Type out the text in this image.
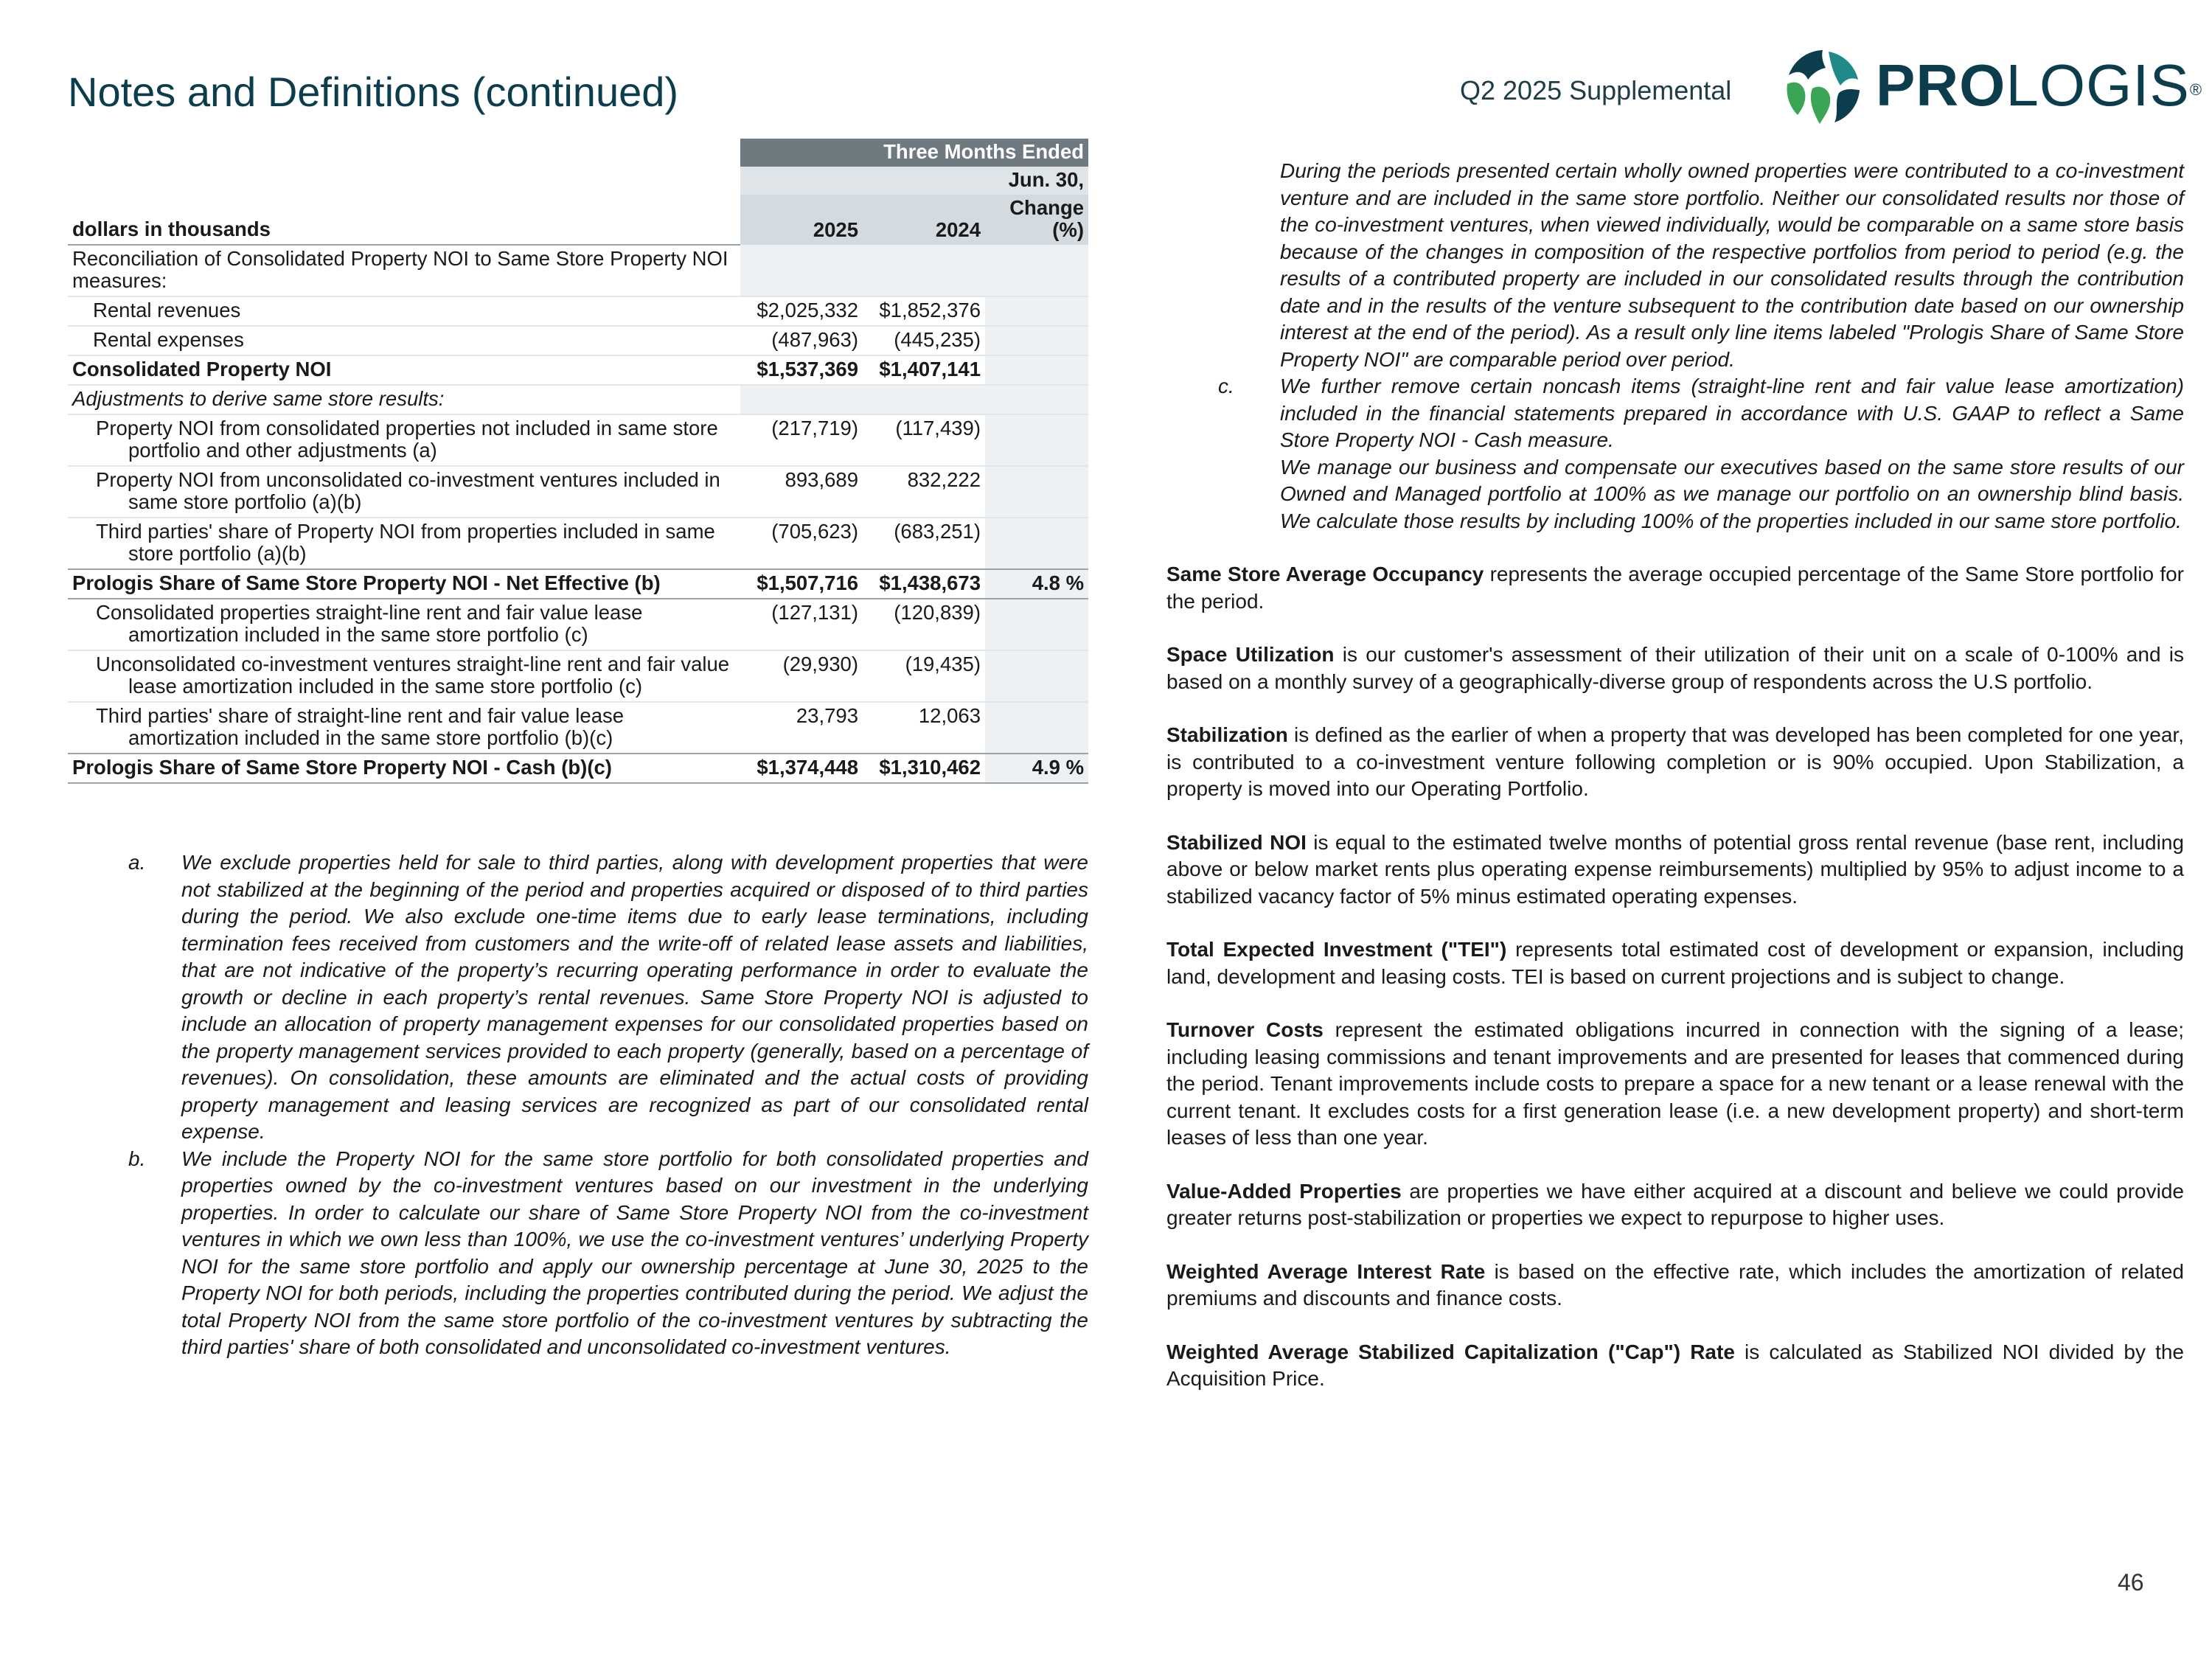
Notes and Definitions (continued)	Q2 2025 Supplemental PROLOGIS®
	Three Months Ended		
	Jun. 30,		
dollars in thousands	2025	2024	Change (%)
Reconciliation of Consolidated Property NOI to Same Store Property NOI measures:			
Rental revenues	$2,025,332	$1,852,376	
Rental expenses	(487,963)	(445,235)	
Consolidated Property NOI	$1,537,369	$1,407,141	
Adjustments to derive same store results:			
Property NOI from consolidated properties not included in same store portfolio and other adjustments (a)	(217,719)	(117,439)	
Property NOI from unconsolidated co-investment ventures included in same store portfolio (a)(b)	893,689	832,222	
Third parties' share of Property NOI from properties included in same store portfolio (a)(b)	(705,623)	(683,251)	
Prologis Share of Same Store Property NOI - Net Effective (b)	$1,507,716	$1,438,673	4.8 %
Consolidated properties straight-line rent and fair value lease amortization included in the same store portfolio (c)	(127,131)	(120,839)	
Unconsolidated co-investment ventures straight-line rent and fair value lease amortization included in the same store portfolio (c)	(29,930)	(19,435)	
Third parties' share of straight-line rent and fair value lease amortization included in the same store portfolio (b)(c)	23,793	12,063	
Prologis Share of Same Store Property NOI - Cash (b)(c)	$1,374,448	$1,310,462	4.9 %
a.	We exclude properties held for sale to third parties, along with development properties that were not stabilized at the beginning of the period and properties acquired or disposed of to third parties during the period. We also exclude one-time items due to early lease terminations, including termination fees received from customers and the write-off of related lease assets and liabilities, that are not indicative of the property’s recurring operating performance in order to evaluate the growth or decline in each property’s rental revenues. Same Store Property NOI is adjusted to include an allocation of property management expenses for our consolidated properties based on the property management services provided to each property (generally, based on a percentage of revenues). On consolidation, these amounts are eliminated and the actual costs of providing property management and leasing services are recognized as part of our consolidated rental expense.
b.	We include the Property NOI for the same store portfolio for both consolidated properties and properties owned by the co-investment ventures based on our investment in the underlying properties. In order to calculate our share of Same Store Property NOI from the co-investment ventures in which we own less than 100%, we use the co-investment ventures’ underlying Property NOI for the same store portfolio and apply our ownership percentage at June 30, 2025 to the Property NOI for both periods, including the properties contributed during the period. We adjust the total Property NOI from the same store portfolio of the co-investment ventures by subtracting the third parties' share of both consolidated and unconsolidated co-investment ventures.
During the periods presented certain wholly owned properties were contributed to a co-investment venture and are included in the same store portfolio. Neither our consolidated results nor those of the co-investment ventures, when viewed individually, would be comparable on a same store basis because of the changes in composition of the respective portfolios from period to period (e.g. the results of a contributed property are included in our consolidated results through the contribution date and in the results of the venture subsequent to the contribution date based on our ownership interest at the end of the period). As a result only line items labeled "Prologis Share of Same Store Property NOI" are comparable period over period.
c.	We further remove certain noncash items (straight-line rent and fair value lease amortization) included in the financial statements prepared in accordance with U.S. GAAP to reflect a Same Store Property NOI - Cash measure.
We manage our business and compensate our executives based on the same store results of our Owned and Managed portfolio at 100% as we manage our portfolio on an ownership blind basis. We calculate those results by including 100% of the properties included in our same store portfolio.
Same Store Average Occupancy represents the average occupied percentage of the Same Store portfolio for the period.
Space Utilization is our customer's assessment of their utilization of their unit on a scale of 0-100% and is based on a monthly survey of a geographically-diverse group of respondents across the U.S portfolio.
Stabilization is defined as the earlier of when a property that was developed has been completed for one year, is contributed to a co-investment venture following completion or is 90% occupied. Upon Stabilization, a property is moved into our Operating Portfolio.
Stabilized NOI is equal to the estimated twelve months of potential gross rental revenue (base rent, including above or below market rents plus operating expense reimbursements) multiplied by 95% to adjust income to a stabilized vacancy factor of 5% minus estimated operating expenses.
Total Expected Investment ("TEI") represents total estimated cost of development or expansion, including land, development and leasing costs. TEI is based on current projections and is subject to change.
Turnover Costs represent the estimated obligations incurred in connection with the signing of a lease; including leasing commissions and tenant improvements and are presented for leases that commenced during the period. Tenant improvements include costs to prepare a space for a new tenant or a lease renewal with the current tenant. It excludes costs for a first generation lease (i.e. a new development property) and short-term leases of less than one year.
Value-Added Properties are properties we have either acquired at a discount and believe we could provide greater returns post-stabilization or properties we expect to repurpose to higher uses.
Weighted Average Interest Rate is based on the effective rate, which includes the amortization of related premiums and discounts and finance costs.
Weighted Average Stabilized Capitalization ("Cap") Rate is calculated as Stabilized NOI divided by the Acquisition Price.
46
